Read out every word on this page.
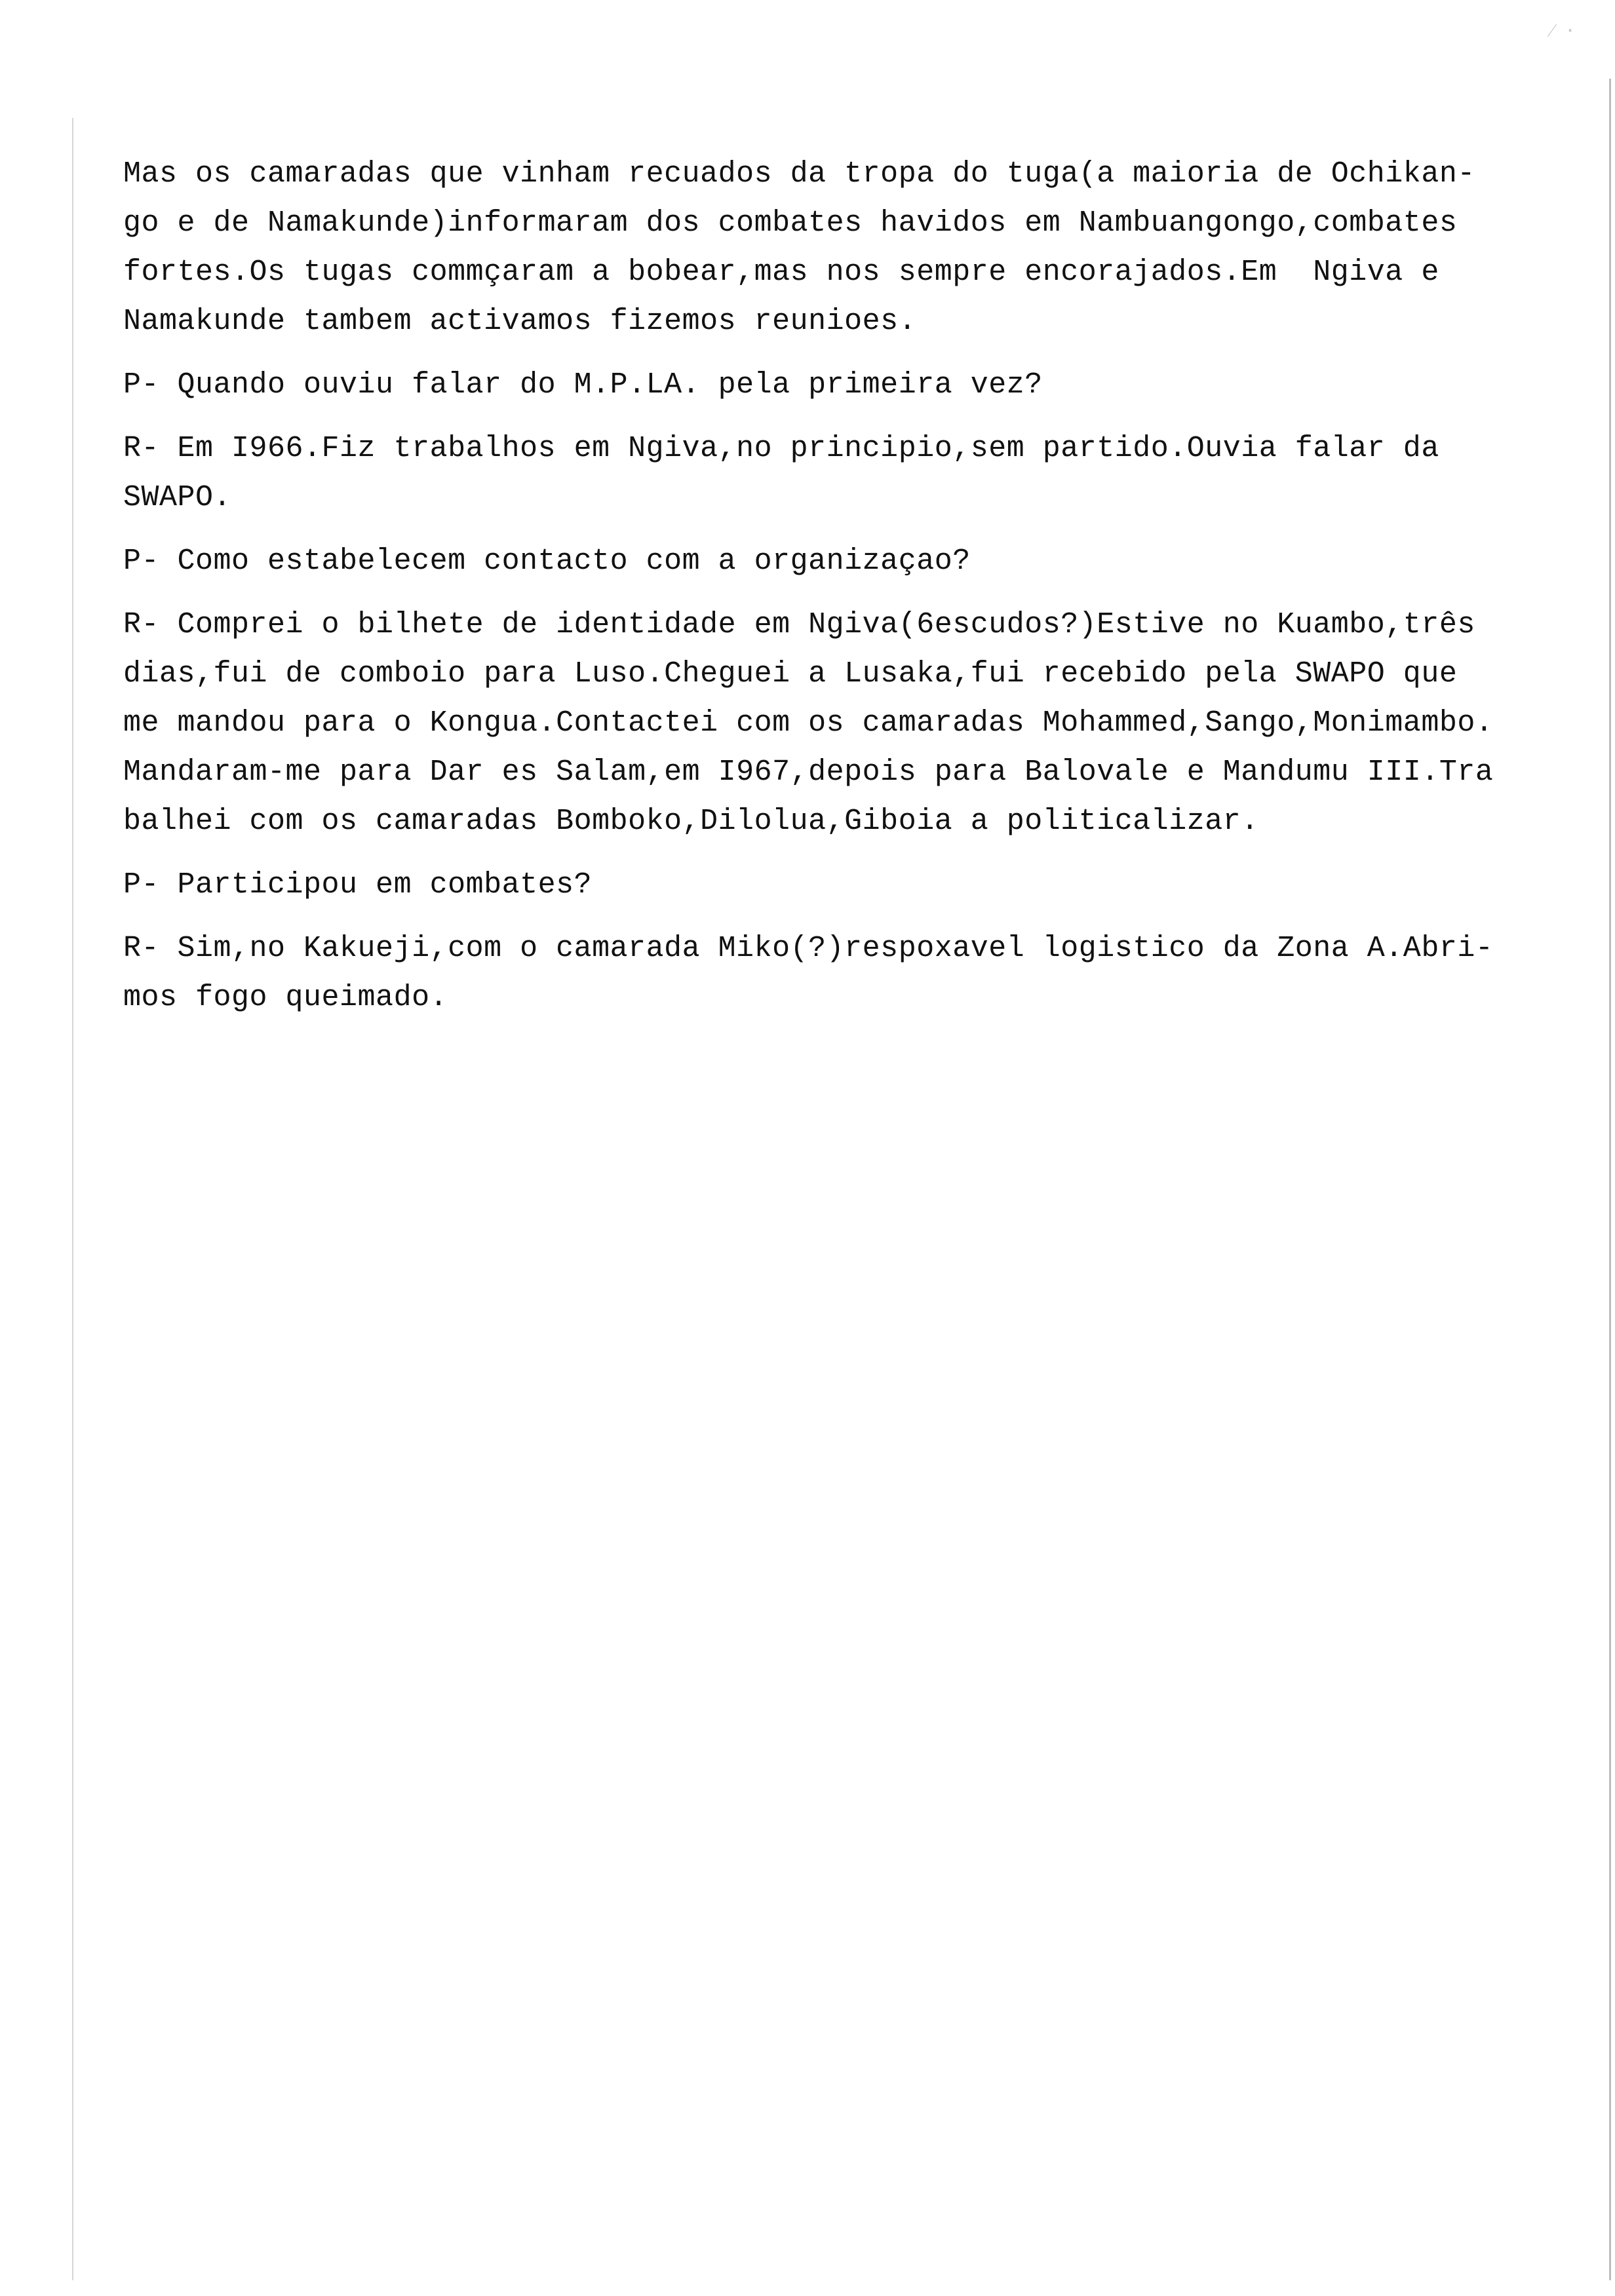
⁄ ·
Mas os camaradas que vinham recuados da tropa do tuga(a maioria de Ochikan-
go e de Namakunde)informaram dos combates havidos em Nambuangongo,combates
fortes.Os tugas commçaram a bobear,mas nos sempre encorajados.Em  Ngiva e
Namakunde tambem activamos fizemos reunioes.
P- Quando ouviu falar do M.P.LA. pela primeira vez?
R- Em I966.Fiz trabalhos em Ngiva,no principio,sem partido.Ouvia falar da
SWAPO.
P- Como estabelecem contacto com a organizaçao?
R- Comprei o bilhete de identidade em Ngiva(6escudos?)Estive no Kuambo,três
dias,fui de comboio para Luso.Cheguei a Lusaka,fui recebido pela SWAPO que
me mandou para o Kongua.Contactei com os camaradas Mohammed,Sango,Monimambo.
Mandaram-me para Dar es Salam,em I967,depois para Balovale e Mandumu III.Tra
balhei com os camaradas Bomboko,Dilolua,Giboia a politicalizar.
P- Participou em combates?
R- Sim,no Kakueji,com o camarada Miko(?)respoxavel logistico da Zona A.Abri-
mos fogo queimado.
